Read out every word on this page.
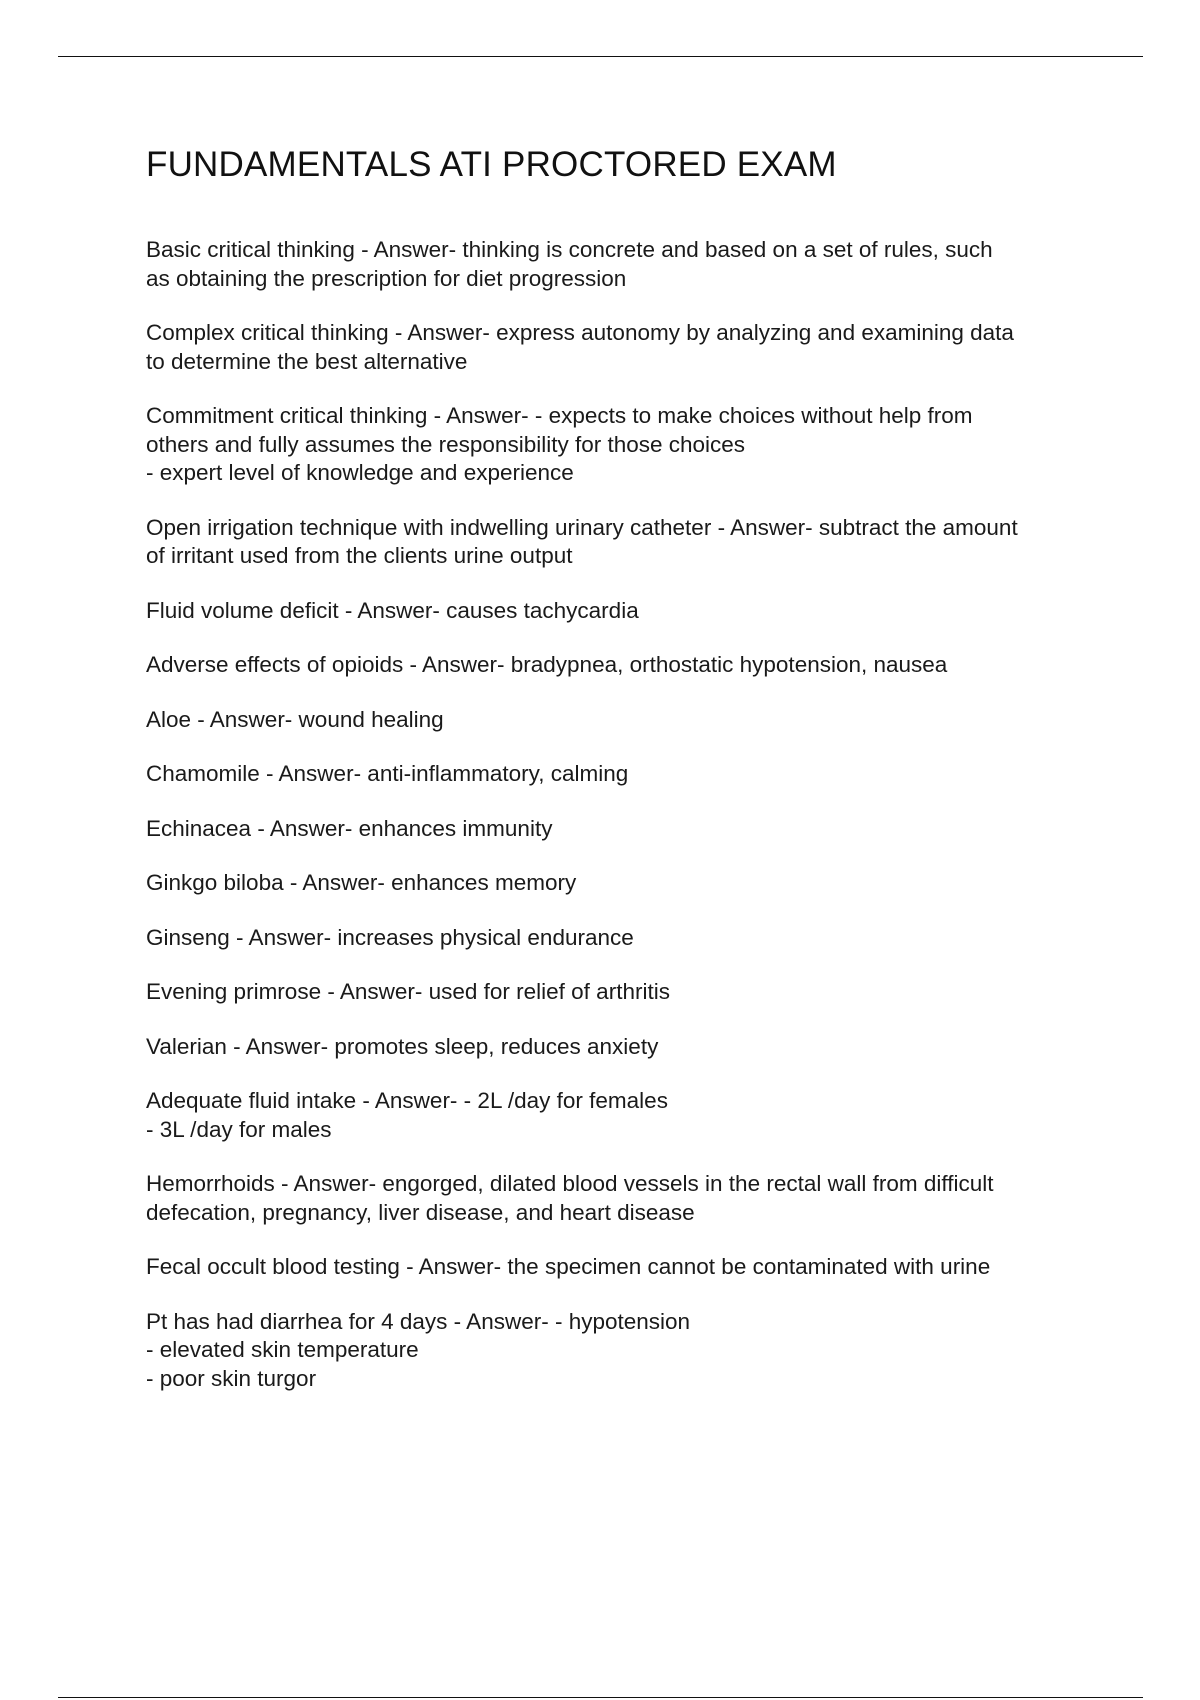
FUNDAMENTALS ATI PROCTORED EXAM

Basic critical thinking - Answer- thinking is concrete and based on a set of rules, such
as obtaining the prescription for diet progression

Complex critical thinking - Answer- express autonomy by analyzing and examining data
to determine the best alternative

Commitment critical thinking - Answer- - expects to make choices without help from
others and fully assumes the responsibility for those choices
- expert level of knowledge and experience

Open irrigation technique with indwelling urinary catheter - Answer- subtract the amount
of irritant used from the clients urine output

Fluid volume deficit - Answer- causes tachycardia

Adverse effects of opioids - Answer- bradypnea, orthostatic hypotension, nausea

Aloe - Answer- wound healing

Chamomile - Answer- anti-inflammatory, calming

Echinacea - Answer- enhances immunity

Ginkgo biloba - Answer- enhances memory

Ginseng - Answer- increases physical endurance

Evening primrose - Answer- used for relief of arthritis

Valerian - Answer- promotes sleep, reduces anxiety

Adequate fluid intake - Answer- - 2L /day for females
- 3L /day for males

Hemorrhoids - Answer- engorged, dilated blood vessels in the rectal wall from difficult
defecation, pregnancy, liver disease, and heart disease

Fecal occult blood testing - Answer- the specimen cannot be contaminated with urine

Pt has had diarrhea for 4 days - Answer- - hypotension
- elevated skin temperature
- poor skin turgor
